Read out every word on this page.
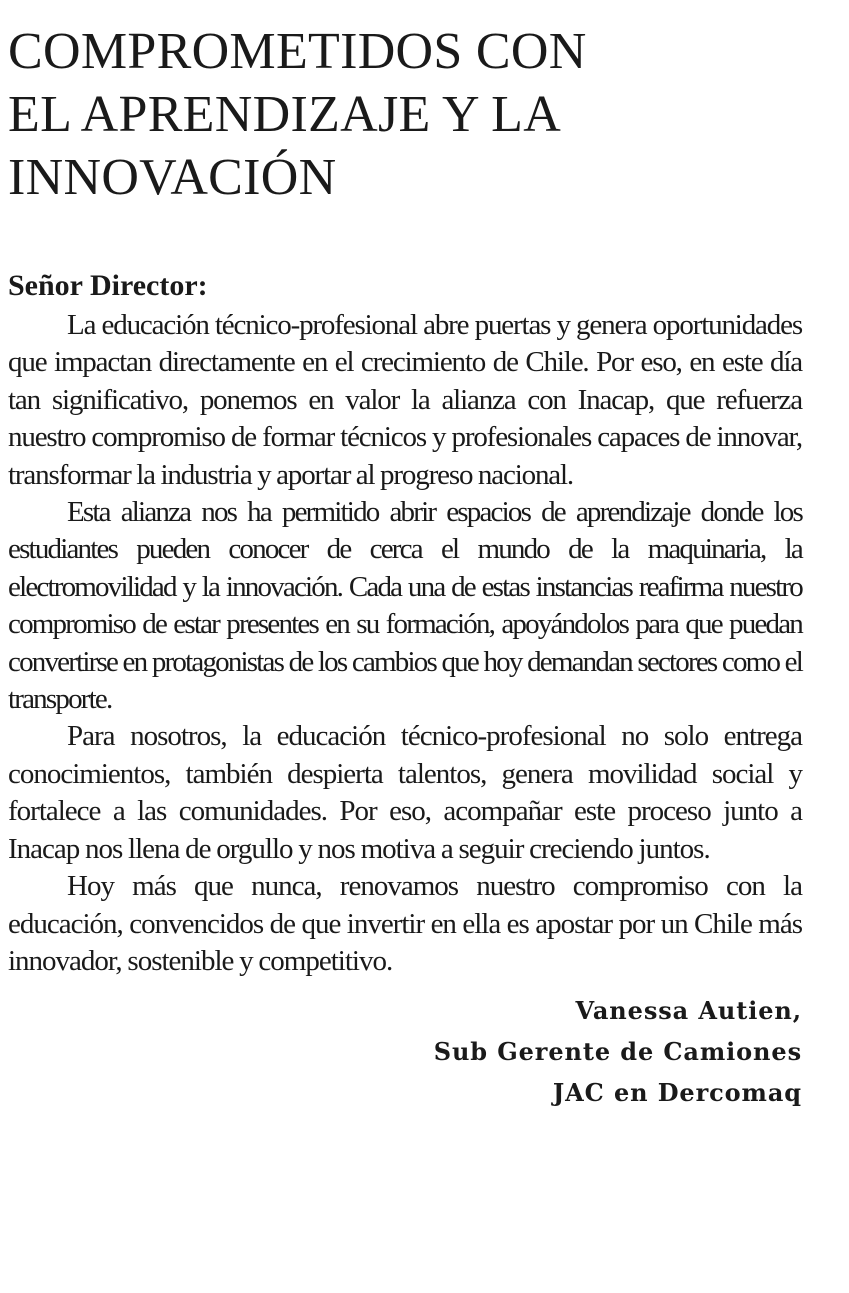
COMPROMETIDOS CON
EL APRENDIZAJE Y LA
INNOVACIÓN
Señor Director:

La educación técnico-profesional abre puertas y genera oportunidades que impactan directamente en el crecimiento de Chile. Por eso, en este día tan significativo, ponemos en valor la alianza con Inacap, que refuerza nuestro compromiso de formar técnicos y profesionales capaces de innovar, transformar la industria y aportar al progreso nacional.

Esta alianza nos ha permitido abrir espacios de aprendizaje donde los estudiantes pueden conocer de cerca el mundo de la maquinaria, la electromovilidad y la innovación. Cada una de estas instancias reafirma nuestro compromiso de estar presentes en su formación, apoyándolos para que puedan convertirse en protagonistas de los cambios que hoy demandan sectores como el transporte.

Para nosotros, la educación técnico-profesional no solo entrega conocimientos, también despierta talentos, genera movilidad social y fortalece a las comunidades. Por eso, acompañar este proceso junto a Inacap nos llena de orgullo y nos motiva a seguir creciendo juntos.

Hoy más que nunca, renovamos nuestro compromiso con la educación, convencidos de que invertir en ella es apostar por un Chile más innovador, sostenible y competitivo.

Vanessa Autien,
Sub Gerente de Camiones
JAC en Dercomaq
